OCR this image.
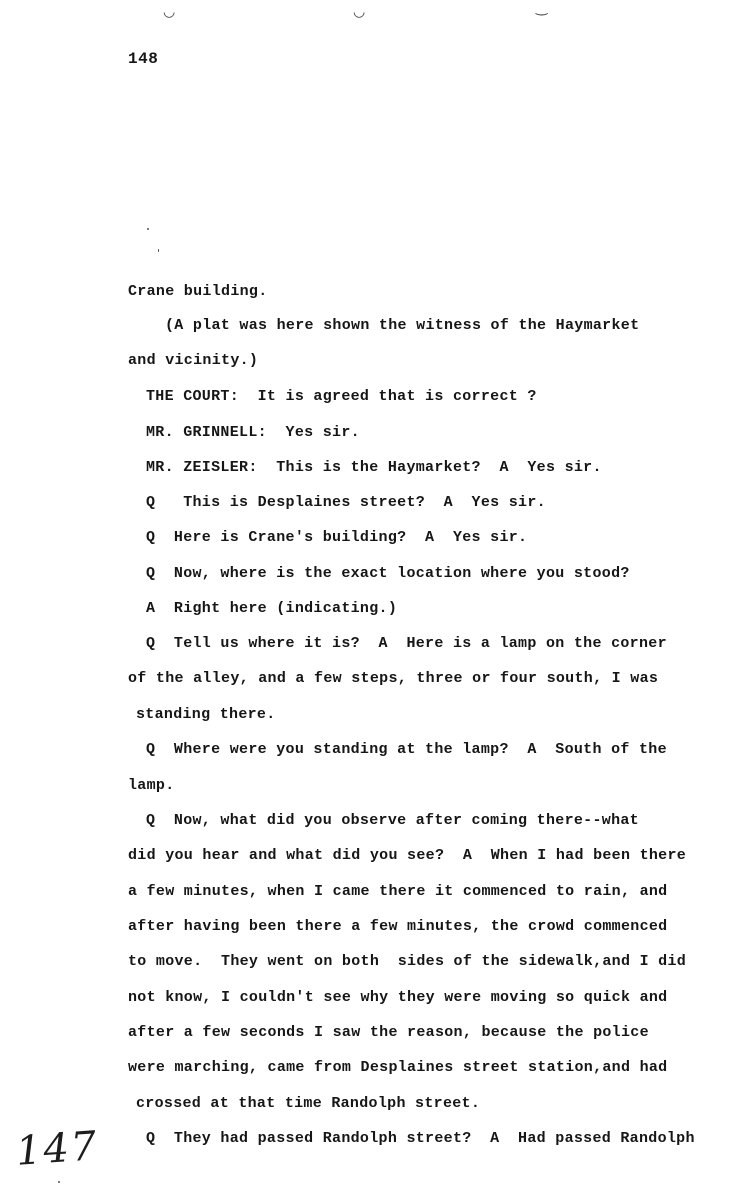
◡	◡	‿
148
Crane building.
(A plat was here shown the witness of the Haymarket
and vicinity.)
THE COURT:  It is agreed that is correct ?
MR. GRINNELL:  Yes sir.
MR. ZEISLER:  This is the Haymarket?  A  Yes sir.
Q   This is Desplaines street?  A  Yes sir.
Q  Here is Crane's building?  A  Yes sir.
Q  Now, where is the exact location where you stood?
A  Right here (indicating.)
Q  Tell us where it is?  A  Here is a lamp on the corner
of the alley, and a few steps, three or four south, I was
standing there.
Q  Where were you standing at the lamp?  A  South of the
lamp.
Q  Now, what did you observe after coming there--what
did you hear and what did you see?  A  When I had been there
a few minutes, when I came there it commenced to rain, and
after having been there a few minutes, the crowd commenced
to move.  They went on both  sides of the sidewalk,and I did
not know, I couldn't see why they were moving so quick and
after a few seconds I saw the reason, because the police
were marching, came from Desplaines street station,and had
crossed at that time Randolph street.
Q  They had passed Randolph street?  A  Had passed Randolph
147
